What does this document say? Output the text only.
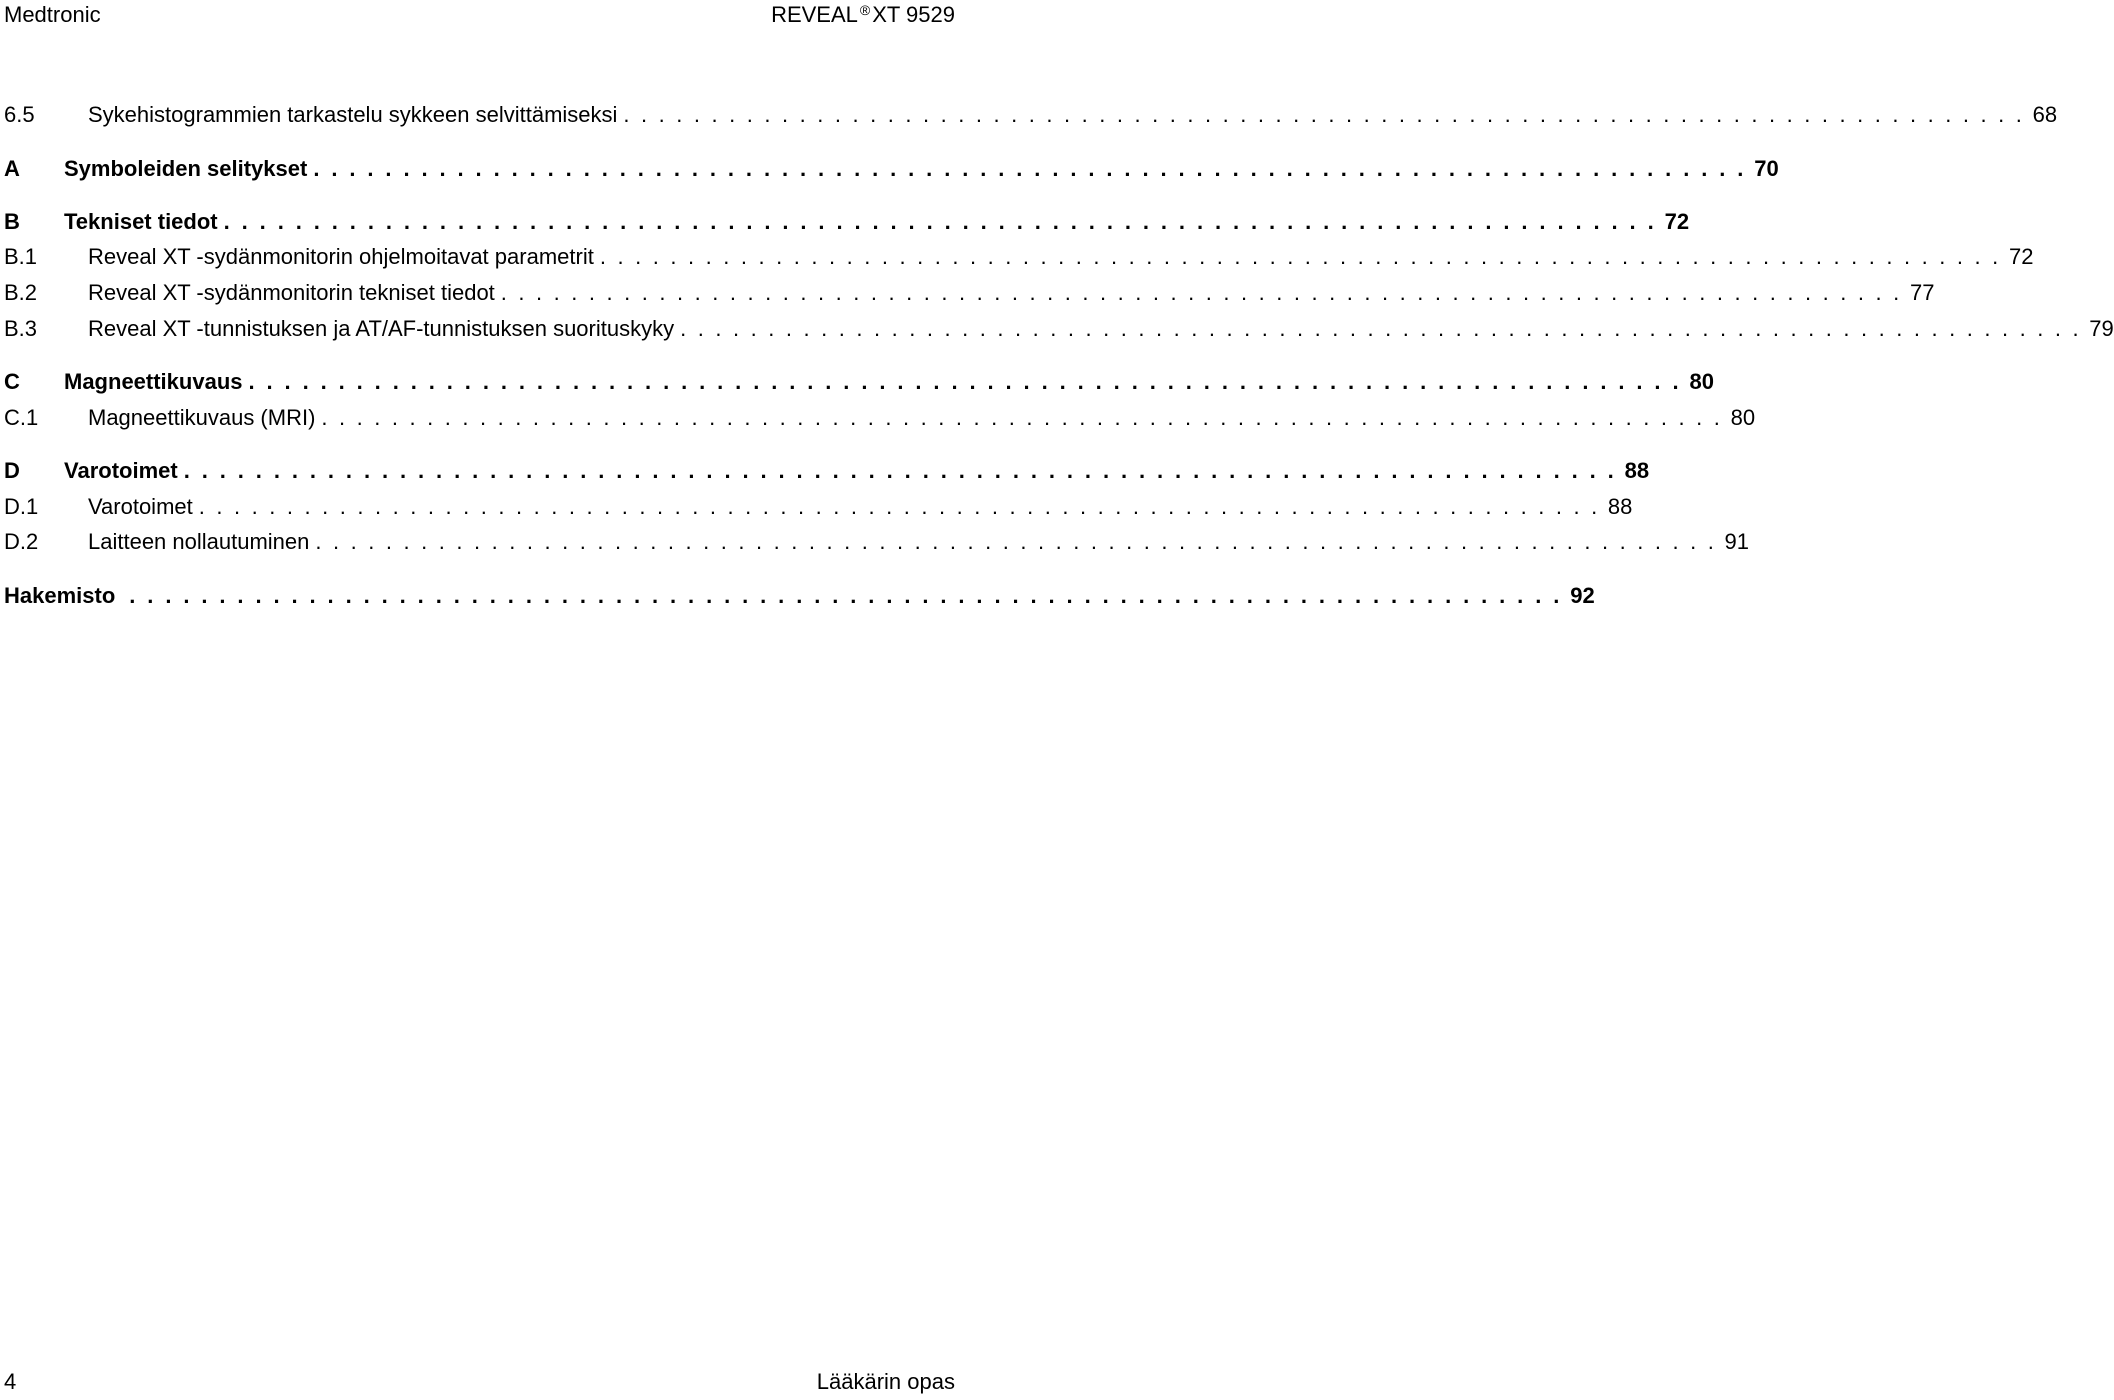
Medtronic	REVEAL ®XT 9529
6.5	Sykehistogrammien tarkastelu sykkeen selvittämiseksi . . . . . . . . . . . . . . . . . . . . . . . . . . . . . . . . . . . . . . . . . . . . . . . . . . . . . . . . . . . . . . . . . . . . . . . . . . . . . . . . 68
A	Symboleiden selitykset . . . . . . . . . . . . . . . . . . . . . . . . . . . . . . . . . . . . . . . . . . . . . . . . . . . . . . . . . . . . . . . . . . . . . . . . . . . . . . . . 70
B	Tekniset tiedot . . . . . . . . . . . . . . . . . . . . . . . . . . . . . . . . . . . . . . . . . . . . . . . . . . . . . . . . . . . . . . . . . . . . . . . . . . . . . . . . 72
B.1	Reveal XT -sydänmonitorin ohjelmoitavat parametrit . . . . . . . . . . . . . . . . . . . . . . . . . . . . . . . . . . . . . . . . . . . . . . . . . . . . . . . . . . . . . . . . . . . . . . . . . . . . . . . . 72
B.2	Reveal XT -sydänmonitorin tekniset tiedot . . . . . . . . . . . . . . . . . . . . . . . . . . . . . . . . . . . . . . . . . . . . . . . . . . . . . . . . . . . . . . . . . . . . . . . . . . . . . . . . 77
B.3	Reveal XT -tunnistuksen ja AT/AF-tunnistuksen suorituskyky . . . . . . . . . . . . . . . . . . . . . . . . . . . . . . . . . . . . . . . . . . . . . . . . . . . . . . . . . . . . . . . . . . . . . . . . . . . . . . . . 79
C	Magneettikuvaus . . . . . . . . . . . . . . . . . . . . . . . . . . . . . . . . . . . . . . . . . . . . . . . . . . . . . . . . . . . . . . . . . . . . . . . . . . . . . . . . 80
C.1	Magneettikuvaus (MRI) . . . . . . . . . . . . . . . . . . . . . . . . . . . . . . . . . . . . . . . . . . . . . . . . . . . . . . . . . . . . . . . . . . . . . . . . . . . . . . . . 80
D	Varotoimet . . . . . . . . . . . . . . . . . . . . . . . . . . . . . . . . . . . . . . . . . . . . . . . . . . . . . . . . . . . . . . . . . . . . . . . . . . . . . . . . 88
D.1	Varotoimet . . . . . . . . . . . . . . . . . . . . . . . . . . . . . . . . . . . . . . . . . . . . . . . . . . . . . . . . . . . . . . . . . . . . . . . . . . . . . . . . 88
D.2	Laitteen nollautuminen . . . . . . . . . . . . . . . . . . . . . . . . . . . . . . . . . . . . . . . . . . . . . . . . . . . . . . . . . . . . . . . . . . . . . . . . . . . . . . . . 91
Hakemisto . . . . . . . . . . . . . . . . . . . . . . . . . . . . . . . . . . . . . . . . . . . . . . . . . . . . . . . . . . . . . . . . . . . . . . . . . . . . . . . . 92
4	Lääkärin opas
